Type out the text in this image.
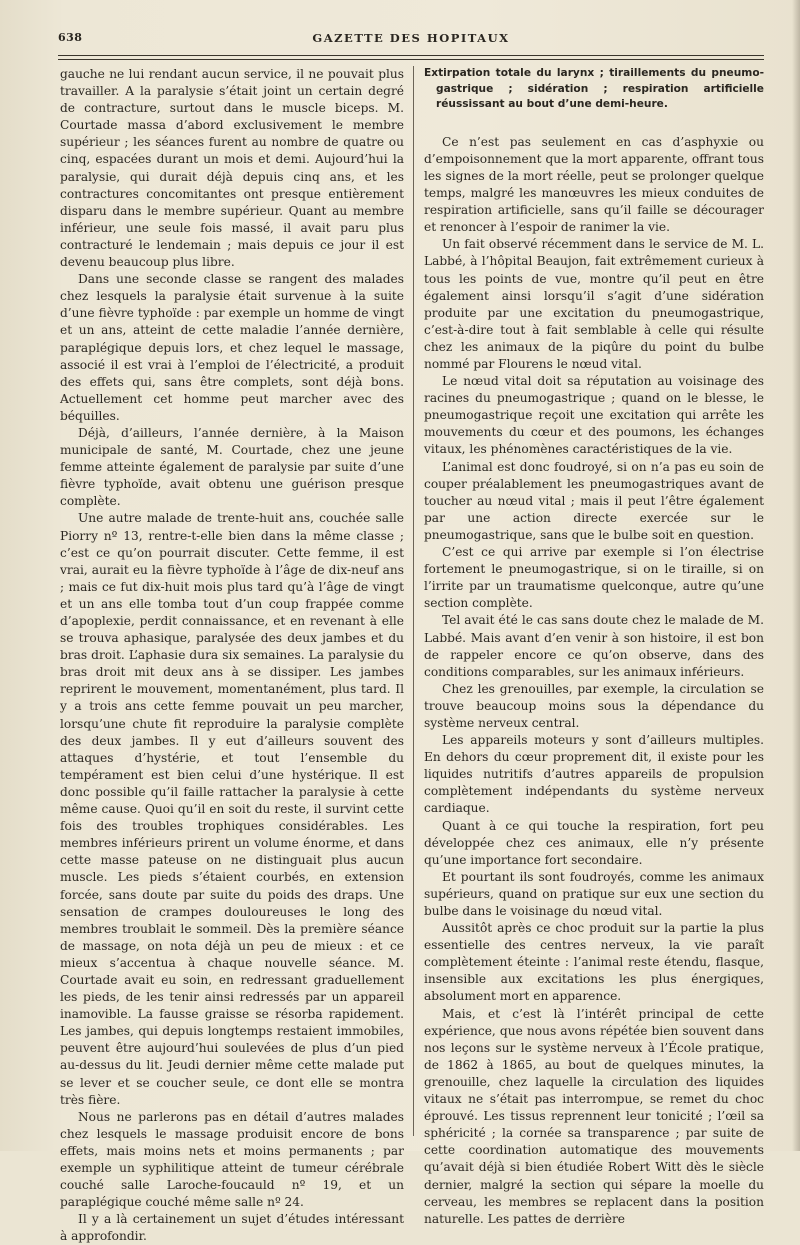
638	GAZETTE DES HOPITAUX

gauche ne lui rendant aucun service, il ne pouvait plus travailler. A la paralysie s’était joint un certain degré de contracture, surtout dans le muscle biceps. M. Courtade massa d’abord exclusivement le membre supérieur ; les séances furent au nombre de quatre ou cinq, espacées durant un mois et demi. Aujourd’hui la paralysie, qui durait déjà depuis cinq ans, et les contractures concomitantes ont presque entièrement disparu dans le membre supérieur. Quant au membre inférieur, une seule fois massé, il avait paru plus contracturé le lendemain ; mais depuis ce jour il est devenu beaucoup plus libre.

Dans une seconde classe se rangent des malades chez lesquels la paralysie était survenue à la suite d’une fièvre typhoïde : par exemple un homme de vingt et un ans, atteint de cette maladie l’année dernière, paraplégique depuis lors, et chez lequel le massage, associé il est vrai à l’emploi de l’électricité, a produit des effets qui, sans être complets, sont déjà bons. Actuellement cet homme peut marcher avec des béquilles.

Déjà, d’ailleurs, l’année dernière, à la Maison municipale de santé, M. Courtade, chez une jeune femme atteinte également de paralysie par suite d’une fièvre typhoïde, avait obtenu une guérison presque complète.

Une autre malade de trente-huit ans, couchée salle Piorry nº 13, rentre-t-elle bien dans la même classe ; c’est ce qu’on pourrait discuter. Cette femme, il est vrai, aurait eu la fièvre typhoïde à l’âge de dix-neuf ans ; mais ce fut dix-huit mois plus tard qu’à l’âge de vingt et un ans elle tomba tout d’un coup frappée comme d’apoplexie, perdit connaissance, et en revenant à elle se trouva aphasique, paralysée des deux jambes et du bras droit. L’aphasie dura six semaines. La paralysie du bras droit mit deux ans à se dissiper. Les jambes reprirent le mouvement, momentanément, plus tard. Il y a trois ans cette femme pouvait un peu marcher, lorsqu’une chute fit reproduire la paralysie complète des deux jambes. Il y eut d’ailleurs souvent des attaques d’hystérie, et tout l’ensemble du tempérament est bien celui d’une hystérique. Il est donc possible qu’il faille rattacher la paralysie à cette même cause. Quoi qu’il en soit du reste, il survint cette fois des troubles trophiques considérables. Les membres inférieurs prirent un volume énorme, et dans cette masse pateuse on ne distinguait plus aucun muscle. Les pieds s’étaient courbés, en extension forcée, sans doute par suite du poids des draps. Une sensation de crampes douloureuses le long des membres troublait le sommeil. Dès la première séance de massage, on nota déjà un peu de mieux : et ce mieux s’accentua à chaque nouvelle séance. M. Courtade avait eu soin, en redressant graduellement les pieds, de les tenir ainsi redressés par un appareil inamovible. La fausse graisse se résorba rapidement. Les jambes, qui depuis longtemps restaient immobiles, peuvent être aujourd’hui soulevées de plus d’un pied au-dessus du lit. Jeudi dernier même cette malade put se lever et se coucher seule, ce dont elle se montra très fière.

Nous ne parlerons pas en détail d’autres malades chez lesquels le massage produisit encore de bons effets, mais moins nets et moins permanents ; par exemple un syphilitique atteint de tumeur cérébrale couché salle Laroche-foucauld nº 19, et un paraplégique couché même salle nº 24.

Il y a là certainement un sujet d’études intéressant à approfondir.

Extirpation totale du larynx ; tiraillements du pneumo-gastrique ; sidération ; respiration artificielle réussissant au bout d’une demi-heure.

Ce n’est pas seulement en cas d’asphyxie ou d’empoisonnement que la mort apparente, offrant tous les signes de la mort réelle, peut se prolonger quelque temps, malgré les manœuvres les mieux conduites de respiration artificielle, sans qu’il faille se décourager et renoncer à l’espoir de ranimer la vie.

Un fait observé récemment dans le service de M. L. Labbé, à l’hôpital Beaujon, fait extrêmement curieux à tous les points de vue, montre qu’il peut en être également ainsi lorsqu’il s’agit d’une sidération produite par une excitation du pneumogastrique, c’est-à-dire tout à fait semblable à celle qui résulte chez les animaux de la piqûre du point du bulbe nommé par Flourens le nœud vital.

Le nœud vital doit sa réputation au voisinage des racines du pneumogastrique ; quand on le blesse, le pneumogastrique reçoit une excitation qui arrête les mouvements du cœur et des poumons, les échanges vitaux, les phénomènes caractéristiques de la vie.

L’animal est donc foudroyé, si on n’a pas eu soin de couper préalablement les pneumogastriques avant de toucher au nœud vital ; mais il peut l’être également par une action directe exercée sur le pneumogastrique, sans que le bulbe soit en question.

C’est ce qui arrive par exemple si l’on électrise fortement le pneumogastrique, si on le tiraille, si on l’irrite par un traumatisme quelconque, autre qu’une section complète.

Tel avait été le cas sans doute chez le malade de M. Labbé. Mais avant d’en venir à son histoire, il est bon de rappeler encore ce qu’on observe, dans des conditions comparables, sur les animaux inférieurs.

Chez les grenouilles, par exemple, la circulation se trouve beaucoup moins sous la dépendance du système nerveux central.

Les appareils moteurs y sont d’ailleurs multiples. En dehors du cœur proprement dit, il existe pour les liquides nutritifs d’autres appareils de propulsion complètement indépendants du système nerveux cardiaque.

Quant à ce qui touche la respiration, fort peu développée chez ces animaux, elle n’y présente qu’une importance fort secondaire.

Et pourtant ils sont foudroyés, comme les animaux supérieurs, quand on pratique sur eux une section du bulbe dans le voisinage du nœud vital.

Aussitôt après ce choc produit sur la partie la plus essentielle des centres nerveux, la vie paraît complètement éteinte : l’animal reste étendu, flasque, insensible aux excitations les plus énergiques, absolument mort en apparence.

Mais, et c’est là l’intérêt principal de cette expérience, que nous avons répétée bien souvent dans nos leçons sur le système nerveux à l’École pratique, de 1862 à 1865, au bout de quelques minutes, la grenouille, chez laquelle la circulation des liquides vitaux ne s’était pas interrompue, se remet du choc éprouvé. Les tissus reprennent leur tonicité ; l’œil sa sphéricité ; la cornée sa transparence ; par suite de cette coordination automatique des mouvements qu’avait déjà si bien étudiée Robert Witt dès le siècle dernier, malgré la section qui sépare la moelle du cerveau, les membres se replacent dans la position naturelle. Les pattes de derrière
